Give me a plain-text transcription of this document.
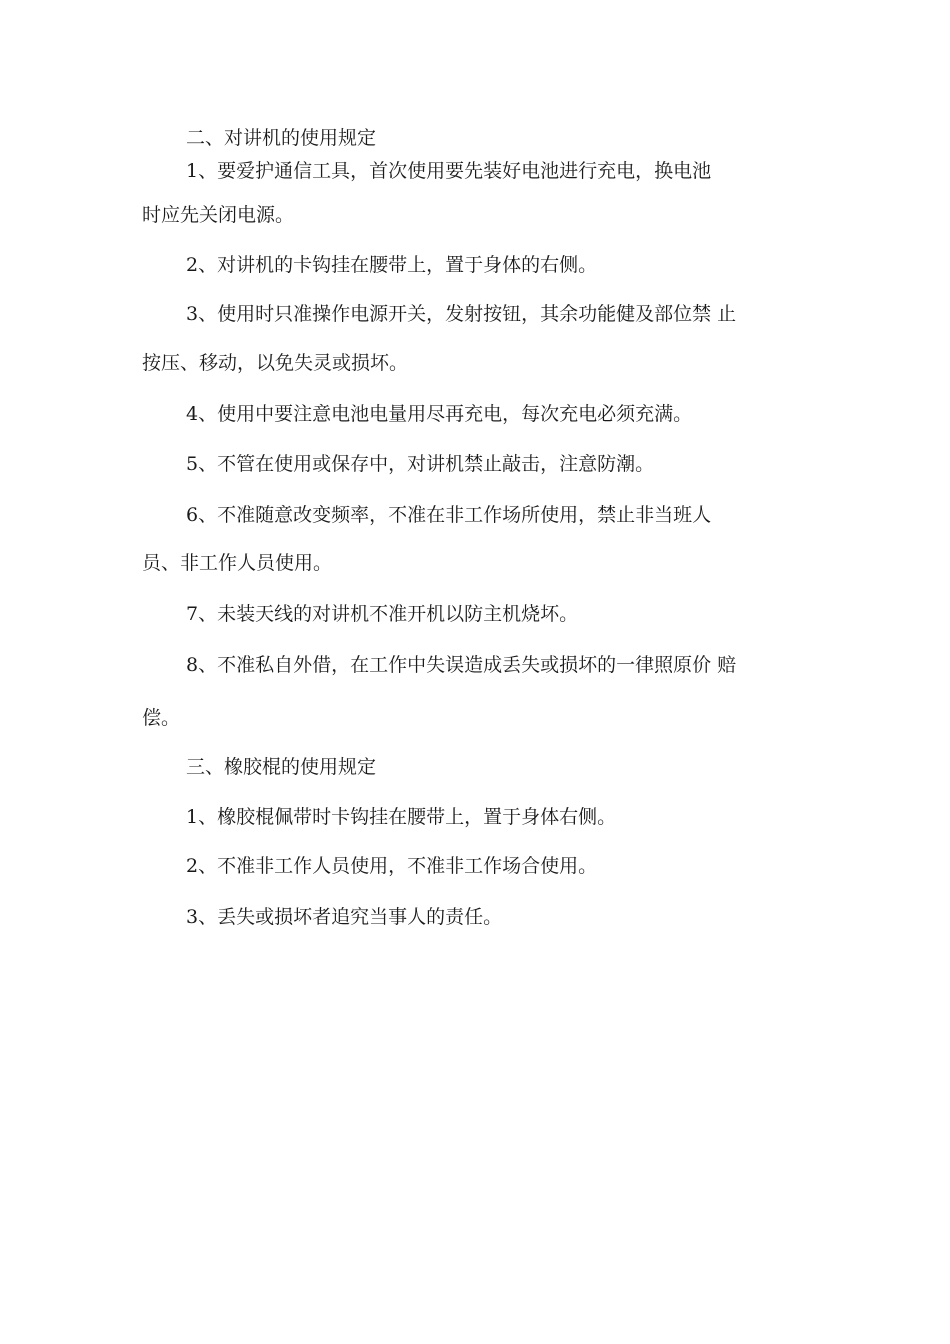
二、对讲机的使用规定

1、要爱护通信工具，首次使用要先装好电池进行充电，换电池

时应先关闭电源。

2、对讲机的卡钩挂在腰带上，置于身体的右侧。

3、使用时只准操作电源开关，发射按钮，其余功能健及部位禁 止

按压、移动，以免失灵或损坏。

4、使用中要注意电池电量用尽再充电，每次充电必须充满。

5、不管在使用或保存中，对讲机禁止敲击，注意防潮。

6、不准随意改变频率，不准在非工作场所使用，禁止非当班人

员、非工作人员使用。

7、未装天线的对讲机不准开机以防主机烧坏。

8、不准私自外借，在工作中失误造成丢失或损坏的一律照原价 赔

偿。

三、橡胶棍的使用规定

1、橡胶棍佩带时卡钩挂在腰带上，置于身体右侧。

2、不准非工作人员使用，不准非工作场合使用。

3、丢失或损坏者追究当事人的责任。
